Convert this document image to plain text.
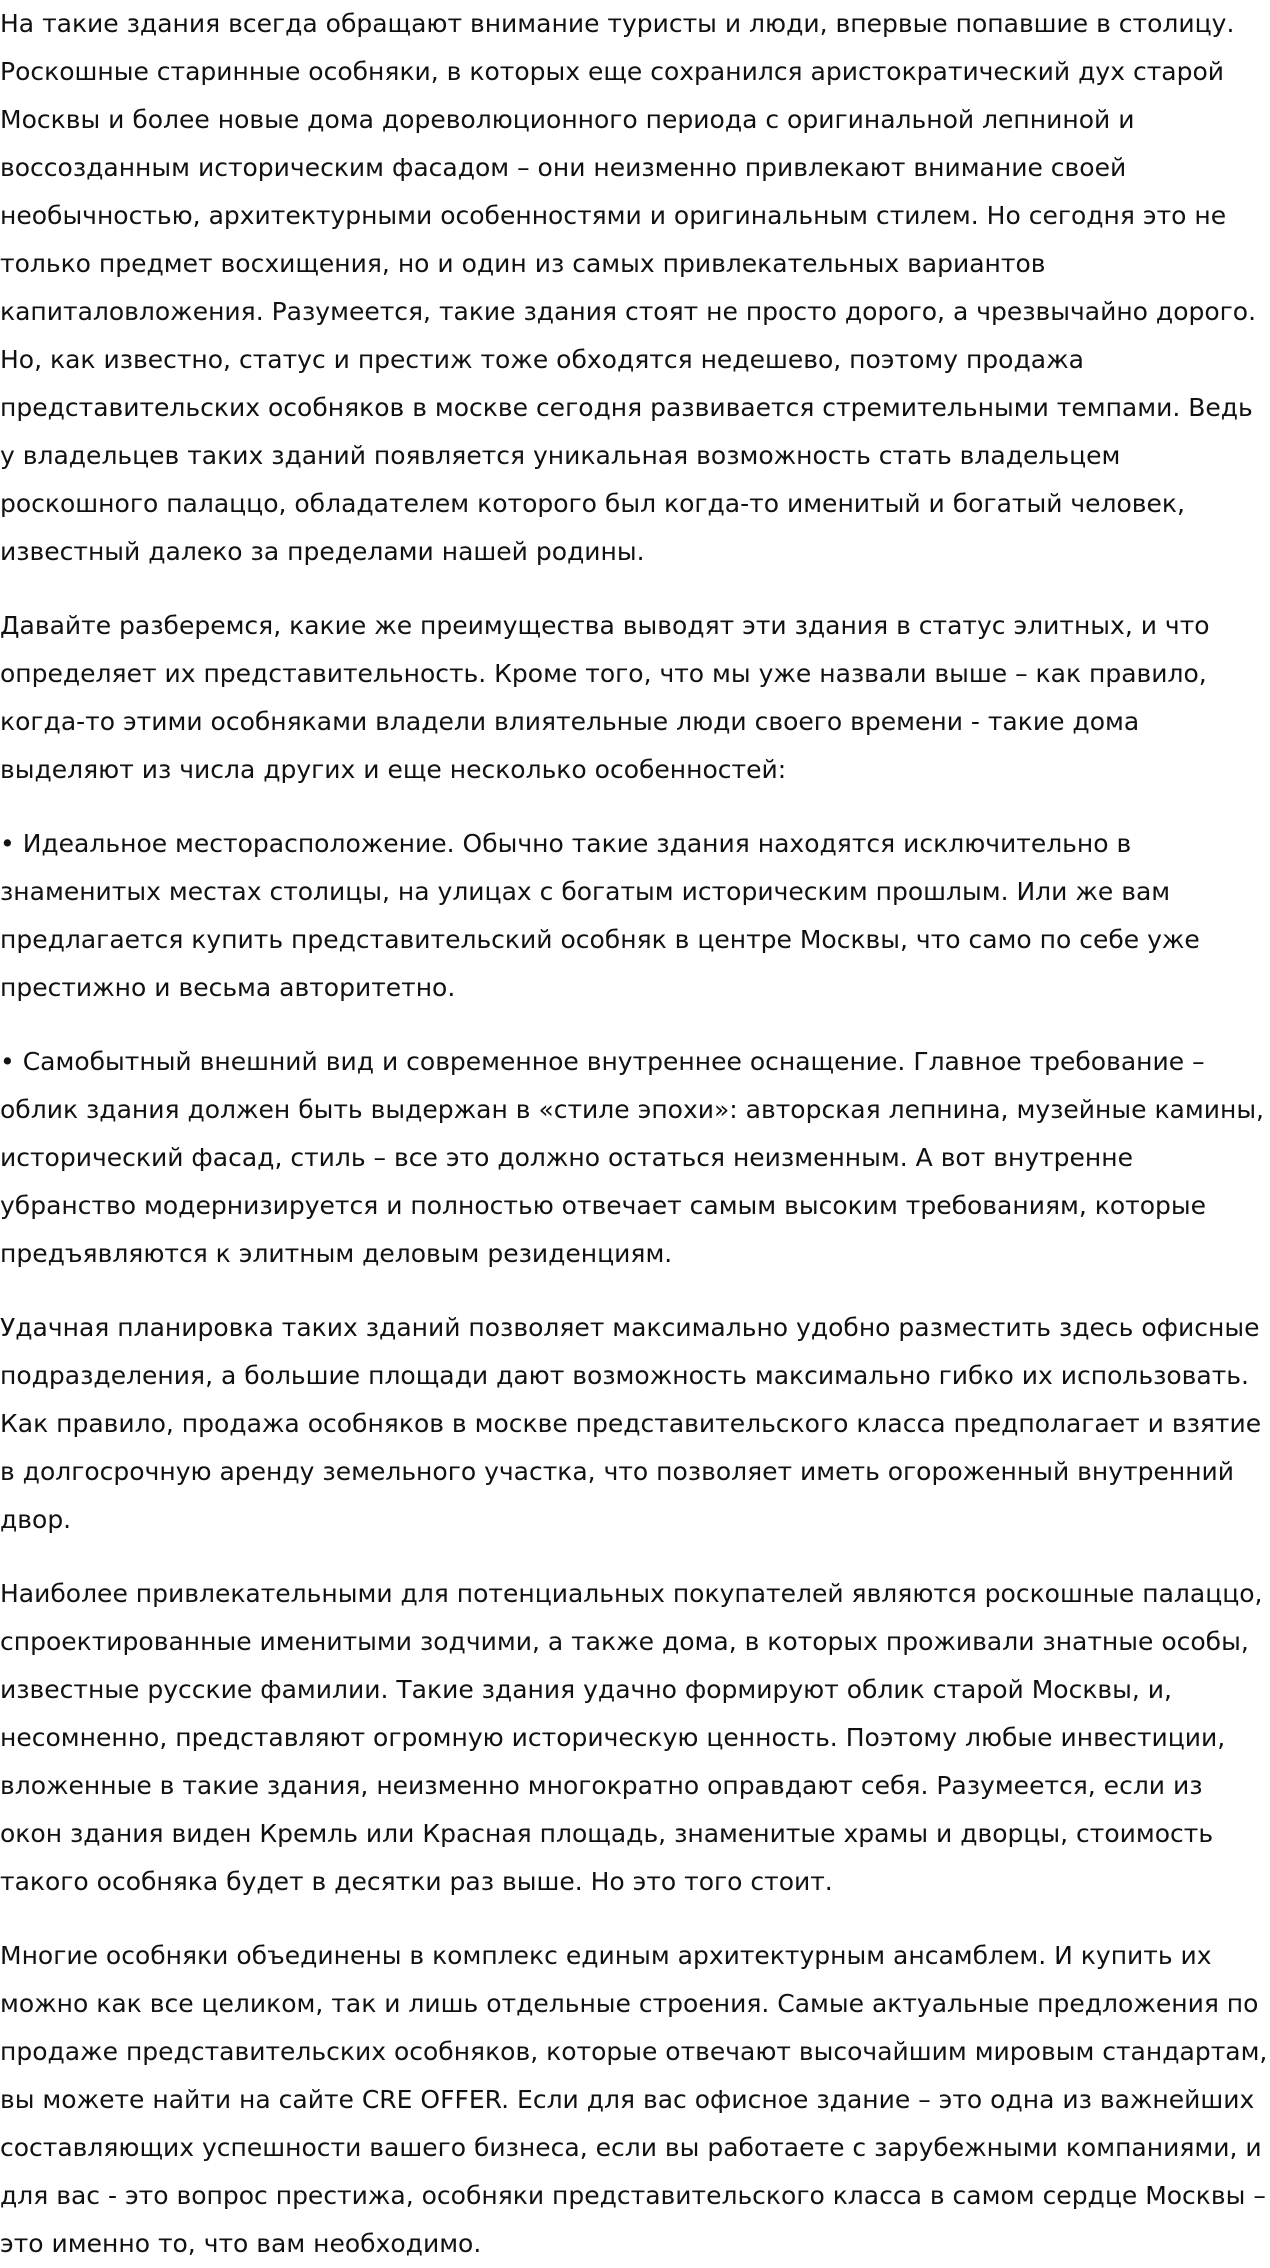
На такие здания всегда обращают внимание туристы и люди, впервые попавшие в столицу. Роскошные старинные особняки, в которых еще сохранился аристократический дух старой Москвы и более новые дома дореволюционного периода с оригинальной лепниной и воссозданным историческим фасадом – они неизменно привлекают внимание своей необычностью, архитектурными особенностями и оригинальным стилем. Но сегодня это не только предмет восхищения, но и один из самых привлекательных вариантов капиталовложения. Разумеется, такие здания стоят не просто дорого, а чрезвычайно дорого. Но, как известно, статус и престиж тоже обходятся недешево, поэтому продажа представительских особняков в москве сегодня развивается стремительными темпами. Ведь у владельцев таких зданий появляется уникальная возможность стать владельцем роскошного палаццо, обладателем которого был когда-то именитый и богатый человек, известный далеко за пределами нашей родины.

Давайте разберемся, какие же преимущества выводят эти здания в статус элитных, и что определяет их представительность. Кроме того, что мы уже назвали выше – как правило, когда-то этими особняками владели влиятельные люди своего времени - такие дома выделяют из числа других и еще несколько особенностей:

• Идеальное месторасположение. Обычно такие здания находятся исключительно в знаменитых местах столицы, на улицах с богатым историческим прошлым. Или же вам предлагается купить представительский особняк в центре Москвы, что само по себе уже престижно и весьма авторитетно.

• Самобытный внешний вид и современное внутреннее оснащение. Главное требование – облик здания должен быть выдержан в «стиле эпохи»: авторская лепнина, музейные камины, исторический фасад, стиль – все это должно остаться неизменным. А вот внутренне убранство модернизируется и полностью отвечает самым высоким требованиям, которые предъявляются к элитным деловым резиденциям.

Удачная планировка таких зданий позволяет максимально удобно разместить здесь офисные подразделения, а большие площади дают возможность максимально гибко их использовать. Как правило, продажа особняков в москве представительского класса предполагает и взятие в долгосрочную аренду земельного участка, что позволяет иметь огороженный внутренний двор.

Наиболее привлекательными для потенциальных покупателей являются роскошные палаццо, спроектированные именитыми зодчими, а также дома, в которых проживали знатные особы, известные русские фамилии. Такие здания удачно формируют облик старой Москвы, и, несомненно, представляют огромную историческую ценность. Поэтому любые инвестиции, вложенные в такие здания, неизменно многократно оправдают себя. Разумеется, если из окон здания виден Кремль или Красная площадь, знаменитые храмы и дворцы, стоимость такого особняка будет в десятки раз выше. Но это того стоит.

Многие особняки объединены в комплекс единым архитектурным ансамблем. И купить их можно как все целиком, так и лишь отдельные строения. Самые актуальные предложения по продаже представительских особняков, которые отвечают высочайшим мировым стандартам, вы можете найти на сайте CRE OFFER. Если для вас офисное здание – это одна из важнейших составляющих успешности вашего бизнеса, если вы работаете с зарубежными компаниями, и для вас - это вопрос престижа, особняки представительского класса в самом сердце Москвы – это именно то, что вам необходимо.
